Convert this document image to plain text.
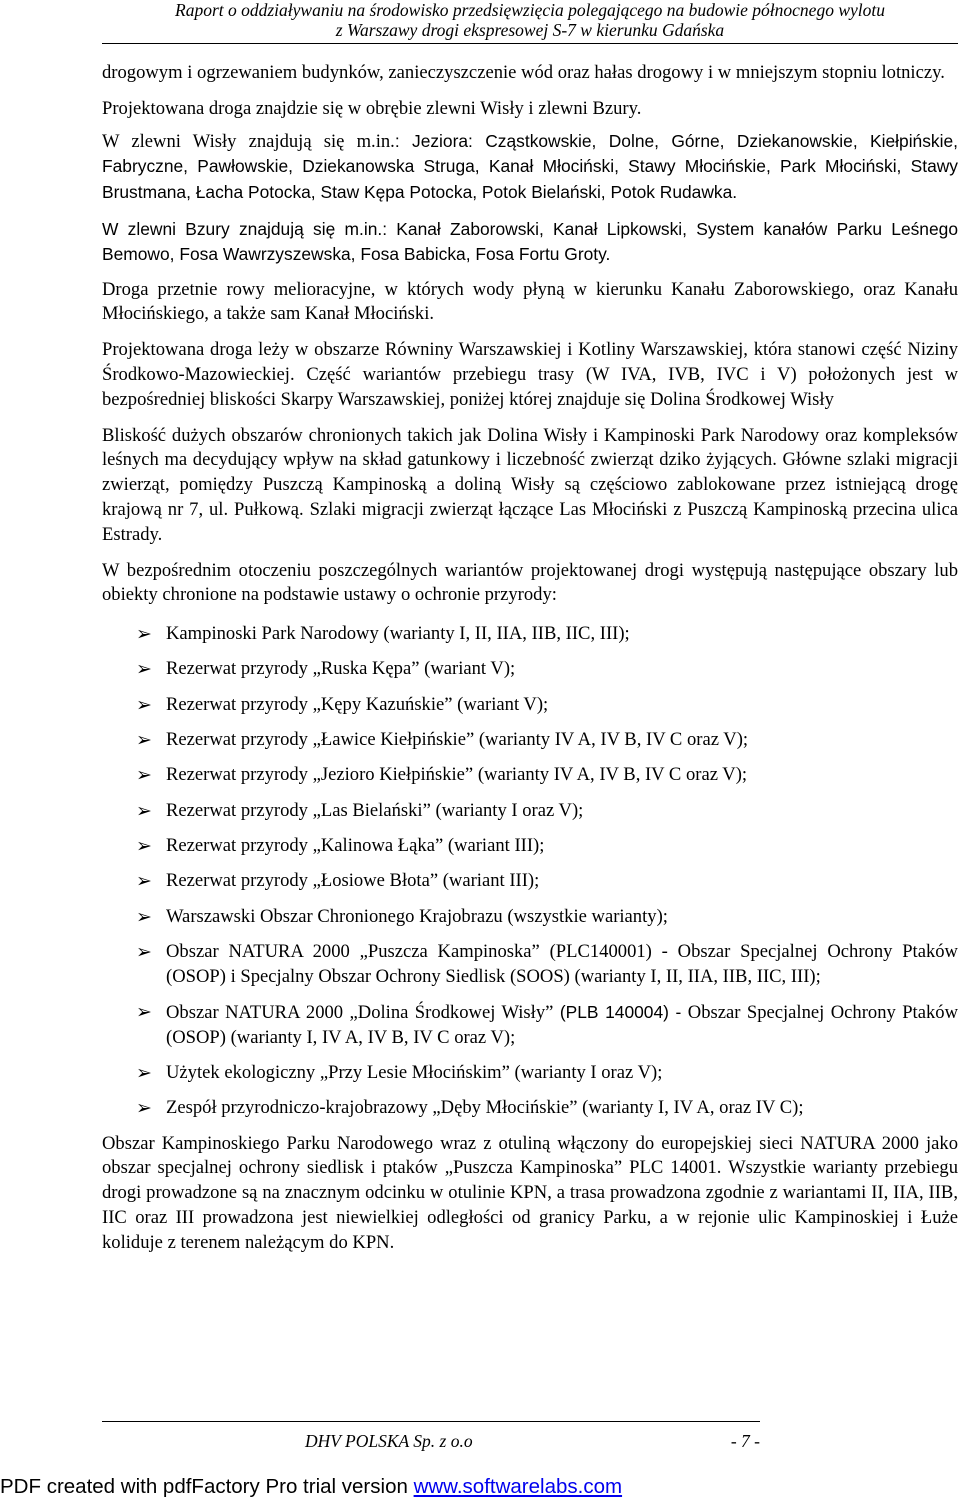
Raport o oddziaływaniu na środowisko przedsięwzięcia polegającego na budowie północnego wylotu
z Warszawy drogi ekspresowej S-7 w kierunku Gdańska

drogowym i ogrzewaniem budynków, zanieczyszczenie wód oraz hałas drogowy i w mniejszym stopniu lotniczy.

Projektowana droga znajdzie się w obrębie zlewni Wisły i zlewni Bzury.

W zlewni Wisły znajdują się m.in.: Jeziora: Cząstkowskie, Dolne, Górne, Dziekanowskie, Kiełpińskie, Fabryczne, Pawłowskie, Dziekanowska Struga, Kanał Młociński, Stawy Młocińskie, Park Młociński, Stawy Brustmana, Łacha Potocka, Staw Kępa Potocka, Potok Bielański, Potok Rudawka.

W zlewni Bzury znajdują się m.in.: Kanał Zaborowski, Kanał Lipkowski, System kanałów Parku Leśnego Bemowo, Fosa Wawrzyszewska, Fosa Babicka, Fosa Fortu Groty.

Droga przetnie rowy melioracyjne, w których wody płyną w kierunku Kanału Zaborowskiego, oraz Kanału Młocińskiego, a także sam Kanał Młociński.

Projektowana droga leży w obszarze Równiny Warszawskiej i Kotliny Warszawskiej, która stanowi część Niziny Środkowo-Mazowieckiej. Część wariantów przebiegu trasy (W IVA, IVB, IVC i V) położonych jest w bezpośredniej bliskości Skarpy Warszawskiej, poniżej której znajduje się Dolina Środkowej Wisły

Bliskość dużych obszarów chronionych takich jak Dolina Wisły i Kampinoski Park Narodowy oraz kompleksów leśnych ma decydujący wpływ na skład gatunkowy i liczebność zwierząt dziko żyjących. Główne szlaki migracji zwierząt, pomiędzy Puszczą Kampinoską a doliną Wisły są częściowo zablokowane przez istniejącą drogę krajową nr 7, ul. Pułkową. Szlaki migracji zwierząt łączące Las Młociński z Puszczą Kampinoską przecina ulica Estrady.

W bezpośrednim otoczeniu poszczególnych wariantów projektowanej drogi występują następujące obszary lub obiekty chronione na podstawie ustawy o ochronie przyrody:

➢ Kampinoski Park Narodowy (warianty I, II, IIA, IIB, IIC, III);
➢ Rezerwat przyrody „Ruska Kępa” (wariant V);
➢ Rezerwat przyrody „Kępy Kazuńskie” (wariant V);
➢ Rezerwat przyrody „Ławice Kiełpińskie” (warianty IV A, IV B, IV C oraz V);
➢ Rezerwat przyrody „Jezioro Kiełpińskie” (warianty IV A, IV B, IV C oraz V);
➢ Rezerwat przyrody „Las Bielański” (warianty I oraz V);
➢ Rezerwat przyrody „Kalinowa Łąka” (wariant III);
➢ Rezerwat przyrody „Łosiowe Błota” (wariant III);
➢ Warszawski Obszar Chronionego Krajobrazu (wszystkie warianty);
➢ Obszar NATURA 2000 „Puszcza Kampinoska” (PLC140001) - Obszar Specjalnej Ochrony Ptaków (OSOP) i Specjalny Obszar Ochrony Siedlisk (SOOS) (warianty I, II, IIA, IIB, IIC, III);
➢ Obszar NATURA 2000 „Dolina Środkowej Wisły” (PLB 140004) - Obszar Specjalnej Ochrony Ptaków (OSOP) (warianty I, IV A, IV B, IV C oraz V);
➢ Użytek ekologiczny „Przy Lesie Młocińskim” (warianty I oraz V);
➢ Zespół przyrodniczo-krajobrazowy „Dęby Młocińskie” (warianty I, IV A, oraz IV C);

Obszar Kampinoskiego Parku Narodowego wraz z otuliną włączony do europejskiej sieci NATURA 2000 jako obszar specjalnej ochrony siedlisk i ptaków „Puszcza Kampinoska” PLC 14001. Wszystkie warianty przebiegu drogi prowadzone są na znacznym odcinku w otulinie KPN, a trasa prowadzona zgodnie z wariantami II, IIA, IIB, IIC oraz III prowadzona jest niewielkiej odległości od granicy Parku, a w rejonie ulic Kampinoskiej i Łuże koliduje z terenem należącym do KPN.

DHV POLSKA Sp. z o.o	- 7 -
PDF created with pdfFactory Pro trial version www.softwarelabs.com
